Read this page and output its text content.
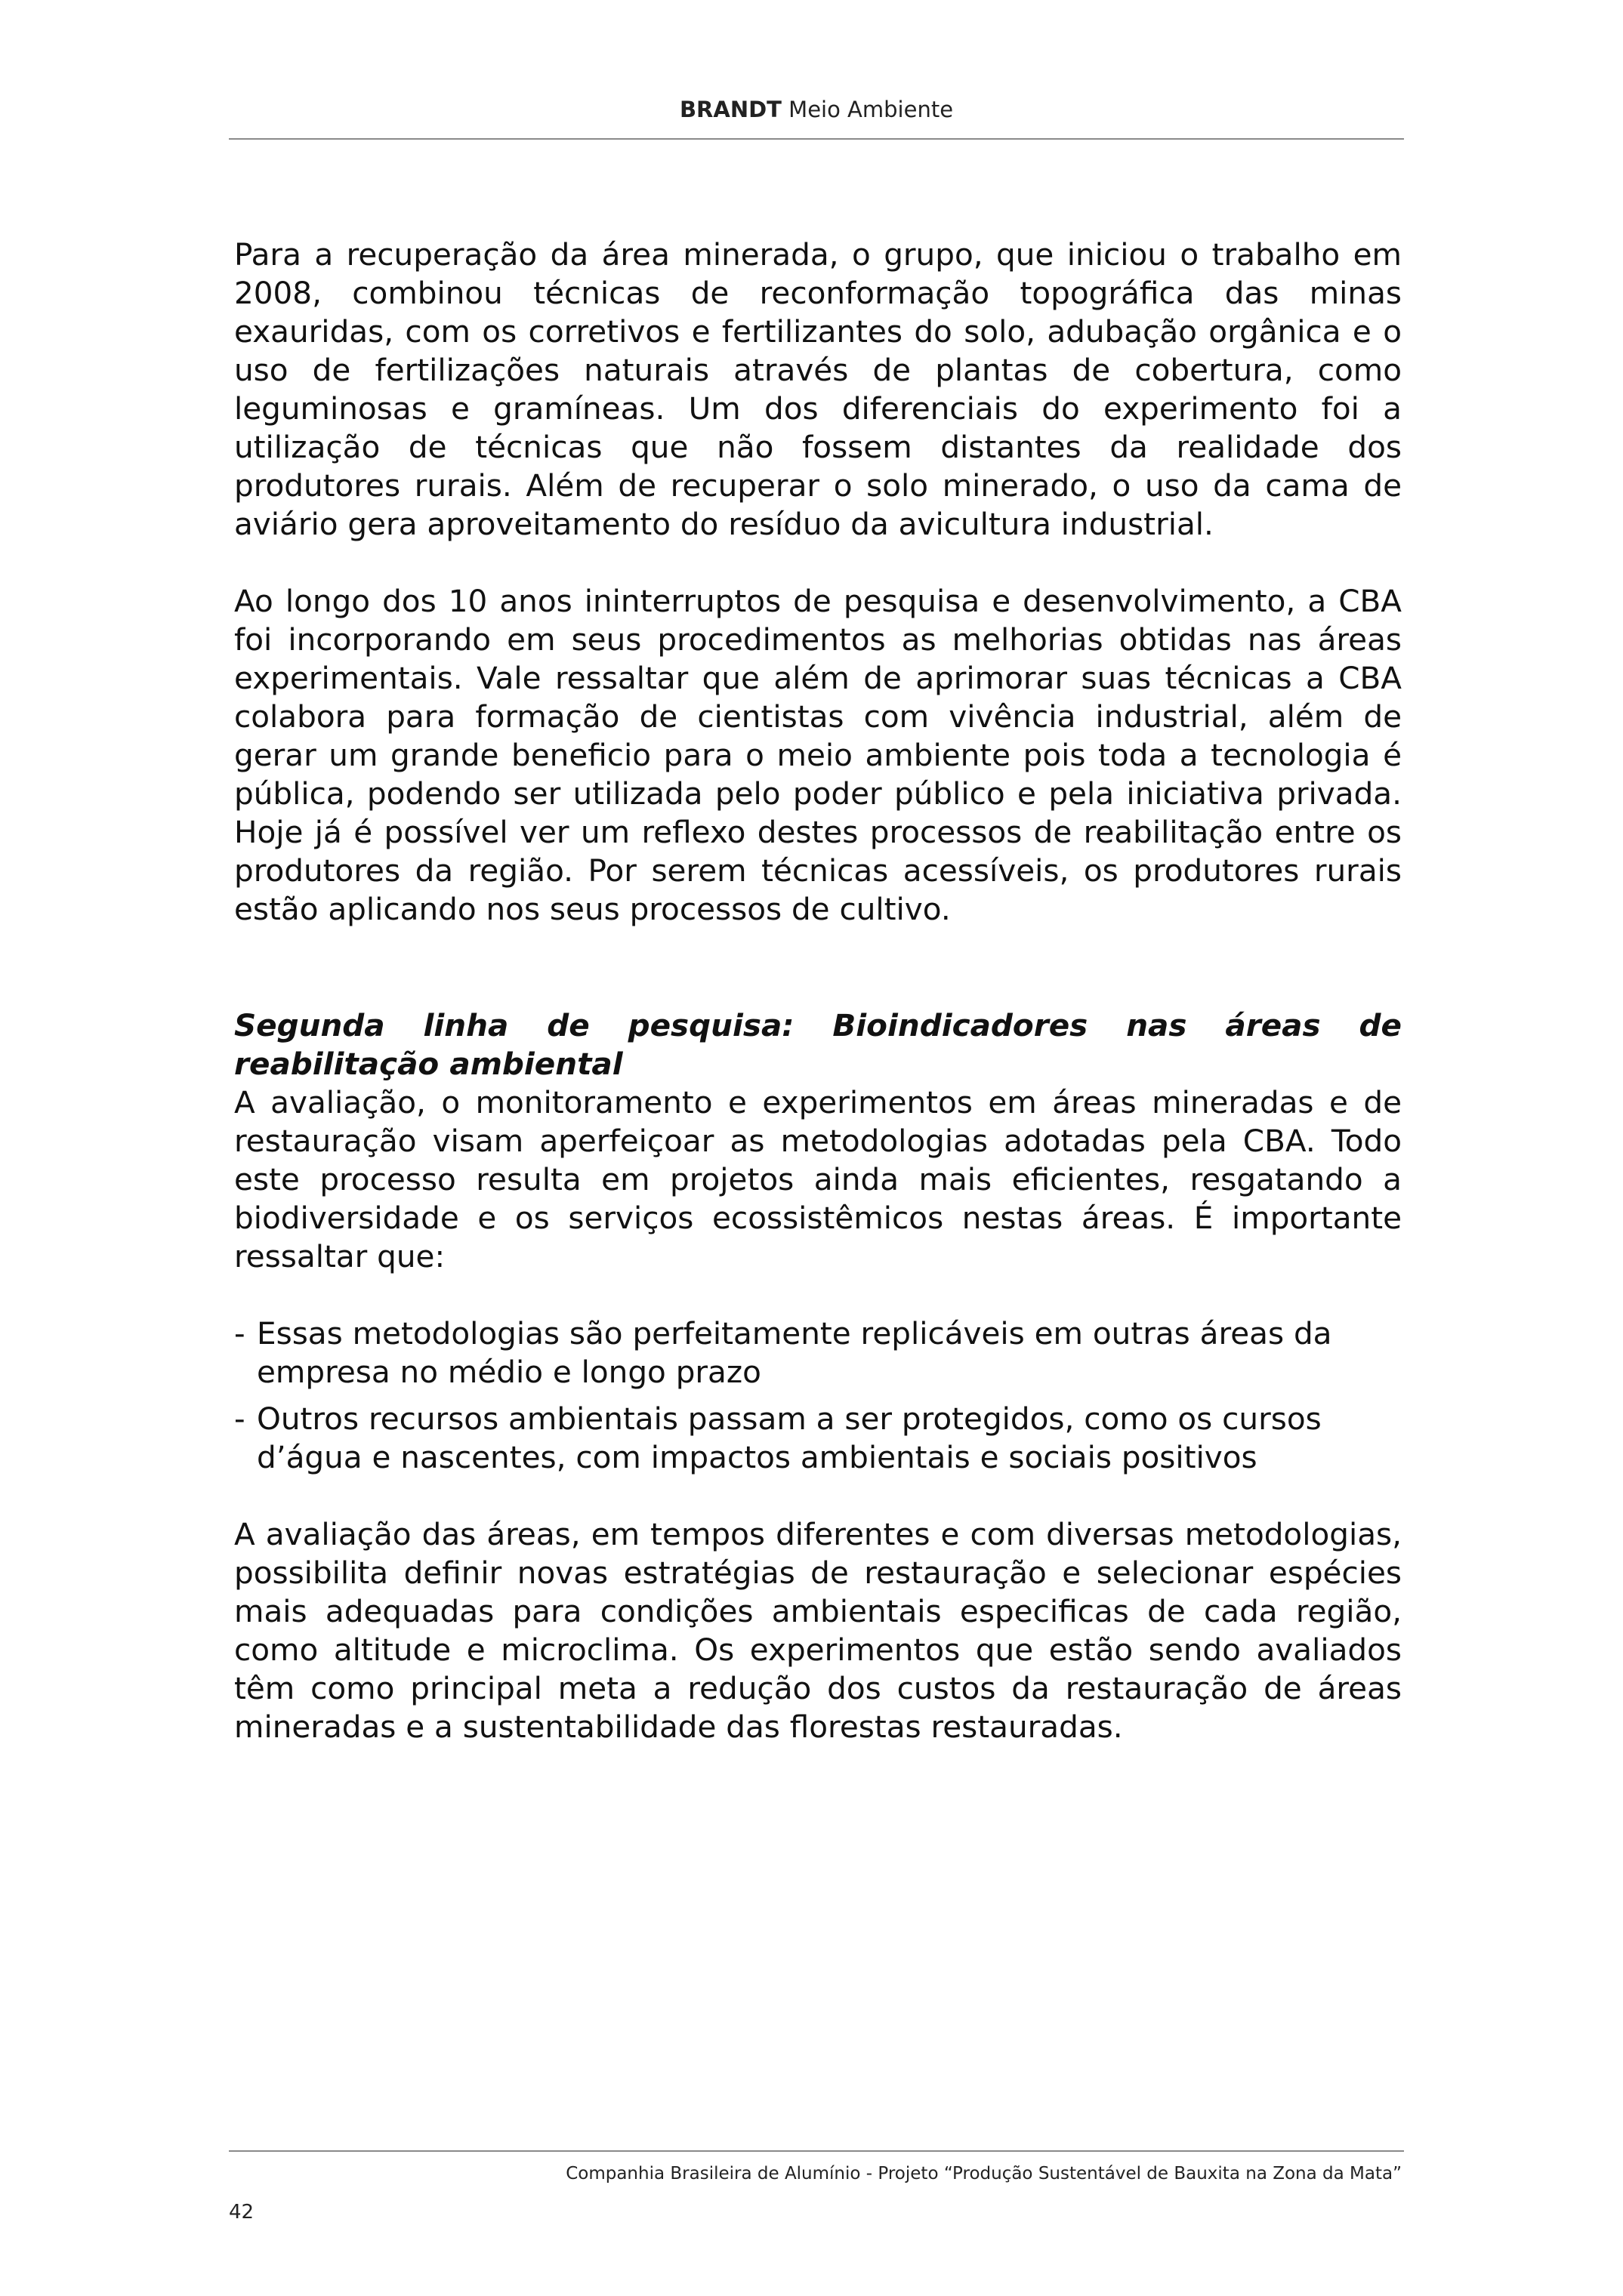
BRANDT Meio Ambiente

Para a recuperação da área minerada, o grupo, que iniciou o trabalho em 2008, combinou técnicas de reconformação topográfica das minas exauridas, com os corretivos e fertilizantes do solo, adubação orgânica e o uso de fertilizações naturais através de plantas de cobertura, como leguminosas e gramíneas. Um dos diferenciais do experimento foi a utilização de técnicas que não fossem distantes da realidade dos produtores rurais. Além de recuperar o solo minerado, o uso da cama de aviário gera aproveitamento do resíduo da avicultura industrial.

Ao longo dos 10 anos ininterruptos de pesquisa e desenvolvimento, a CBA foi incorporando em seus procedimentos as melhorias obtidas nas áreas experimentais. Vale ressaltar que além de aprimorar suas técnicas a CBA colabora para formação de cientistas com vivência industrial, além de gerar um grande beneficio para o meio ambiente pois toda a tecnologia é pública, podendo ser utilizada pelo poder público e pela iniciativa privada. Hoje já é possível ver um reflexo destes processos de reabilitação entre os produtores da região. Por serem técnicas acessíveis, os produtores rurais estão aplicando nos seus processos de cultivo.

Segunda linha de pesquisa: Bioindicadores nas áreas de reabilitação ambiental

A avaliação, o monitoramento e experimentos em áreas mineradas e de restauração visam aperfeiçoar as metodologias adotadas pela CBA. Todo este processo resulta em projetos ainda mais eficientes, resgatando a biodiversidade e os serviços ecossistêmicos nestas áreas. É importante ressaltar que:

- Essas metodologias são perfeitamente replicáveis em outras áreas da empresa no médio e longo prazo
- Outros recursos ambientais passam a ser protegidos, como os cursos d’água e nascentes, com impactos ambientais e sociais positivos

A avaliação das áreas, em tempos diferentes e com diversas metodologias, possibilita definir novas estratégias de restauração e selecionar espécies mais adequadas para condições ambientais especificas de cada região, como altitude e microclima. Os experimentos que estão sendo avaliados têm como principal meta a redução dos custos da restauração de áreas mineradas e a sustentabilidade das florestas restauradas.

Companhia Brasileira de Alumínio - Projeto “Produção Sustentável de Bauxita na Zona da Mata”
42
